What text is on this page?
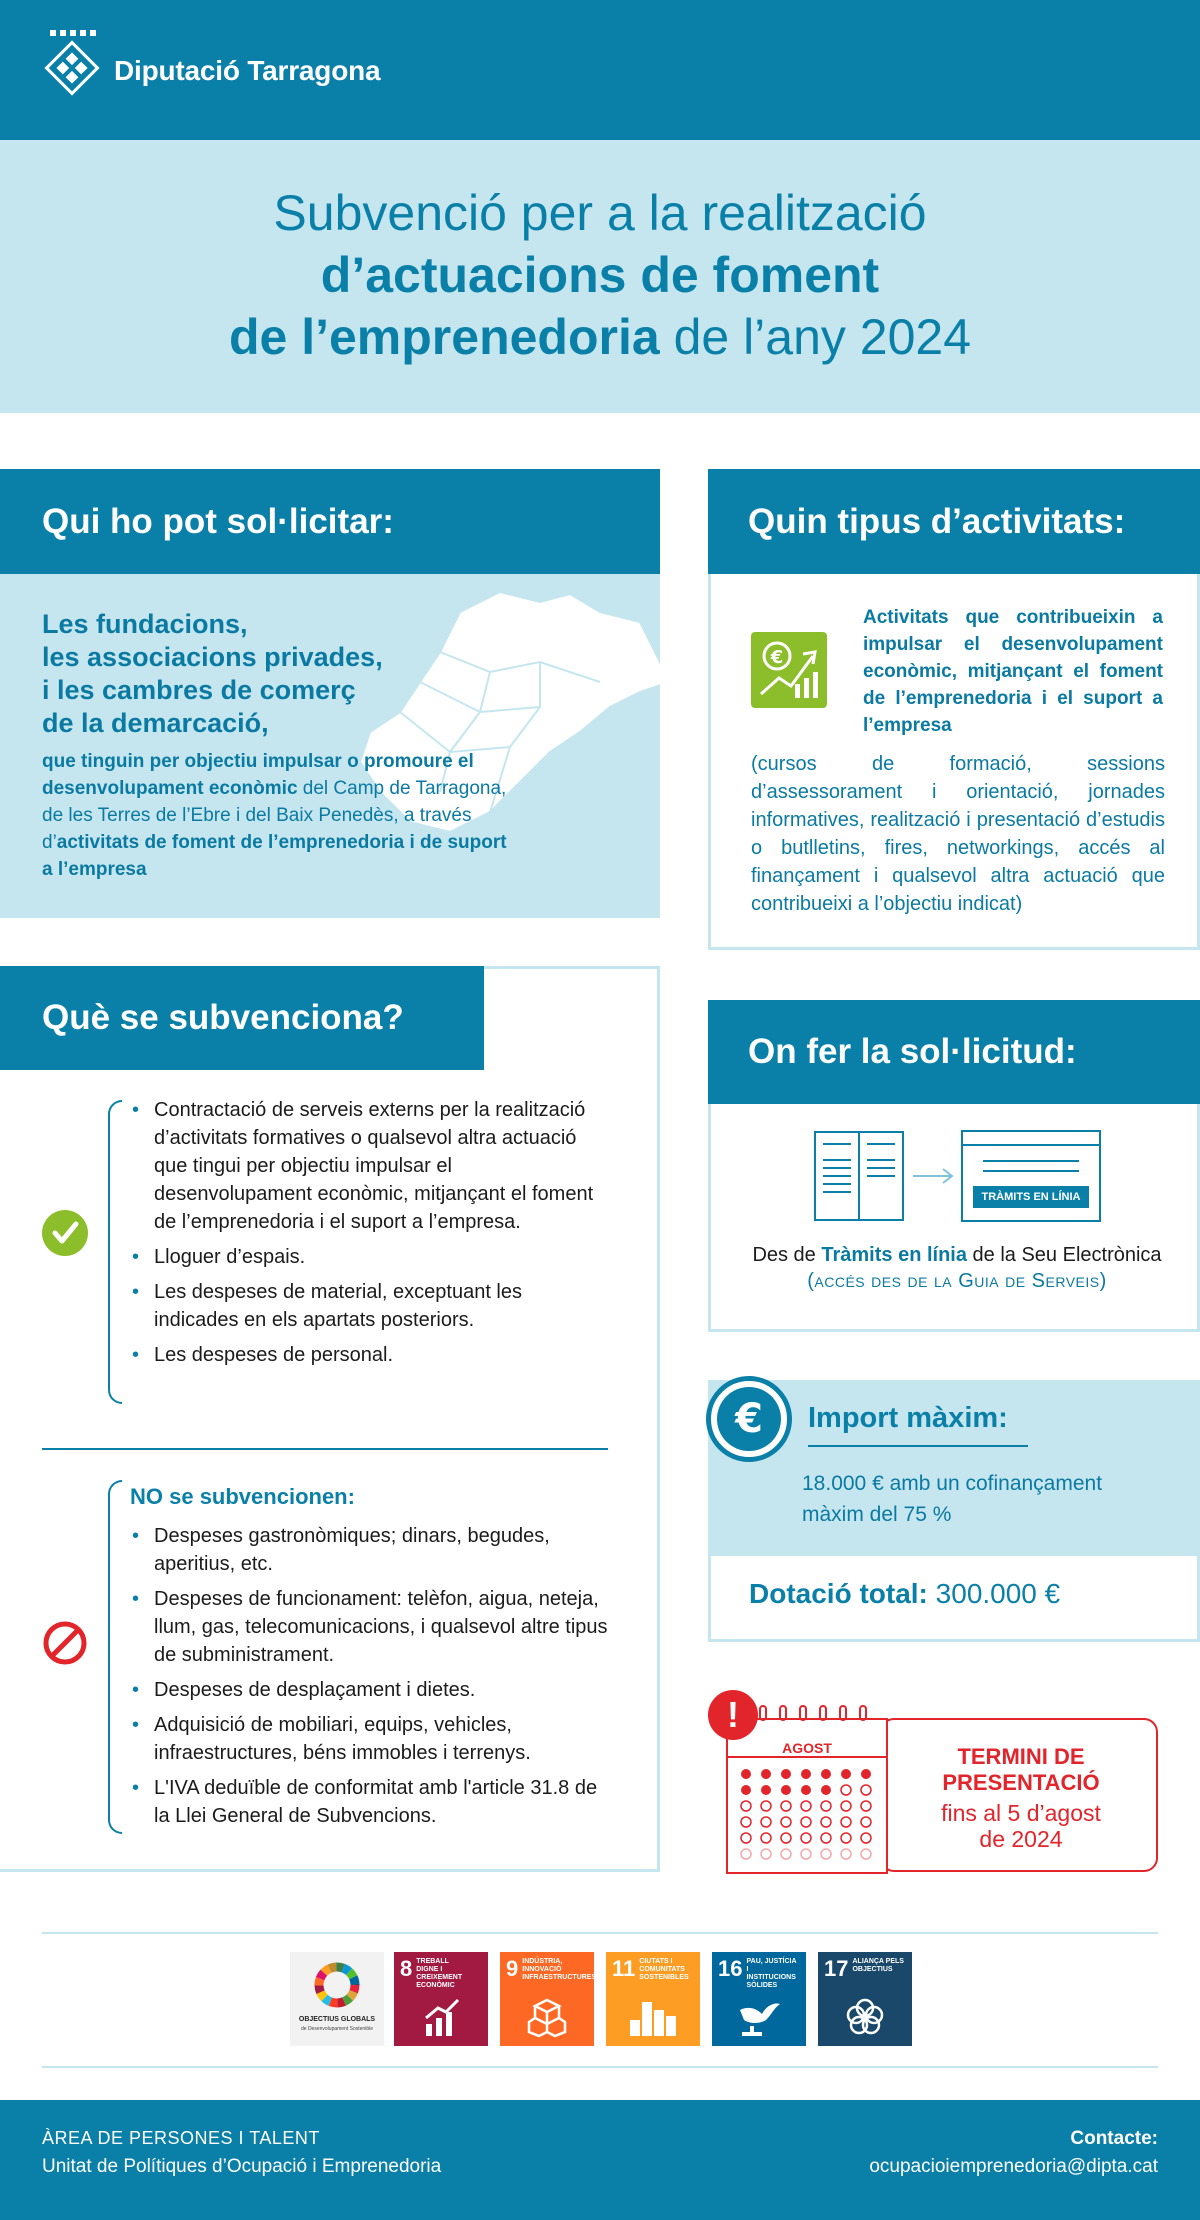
Diputació Tarragona
Subvenció per a la realització
d’actuacions de foment
de l’emprenedoria de l’any 2024
Qui ho pot sol·licitar:
Les fundacions,
les associacions privades,
i les cambres de comerç
de la demarcació,
que tinguin per objectiu impulsar o promoure el desenvolupament econòmic del Camp de Tarragona, de les Terres de l’Ebre i del Baix Penedès, a través d’activitats de foment de l’emprenedoria i de suport a l’empresa
Quin tipus d’activitats:
€
Activitats que contribueixin a impulsar el desenvolupament econòmic, mitjançant el foment de l’emprenedoria i el suport a l’empresa
(cursos de formació, sessions d’assessorament i orientació, jornades informatives, realització i presentació d’estudis o butlletins, fires, networkings, accés al finançament i qualsevol altra actuació que contribueixi a l’objectiu indicat)
Què se subvenciona?
• Contractació de serveis externs per la realització d’activitats formatives o qualsevol altra actuació que tingui per objectiu impulsar el desenvolupament econòmic, mitjançant el foment de l’emprenedoria i el suport a l’empresa.
• Lloguer d’espais.
• Les despeses de material, exceptuant les indicades en els apartats posteriors.
• Les despeses de personal.
NO se subvencionen:
• Despeses gastronòmiques; dinars, begudes, aperitius, etc.
• Despeses de funcionament: telèfon, aigua, neteja, llum, gas, telecomunicacions, i qualsevol altre tipus de subministrament.
• Despeses de desplaçament i dietes.
• Adquisició de mobiliari, equips, vehicles, infraestructures, béns immobles i terrenys.
• L'IVA deduïble de conformitat amb l'article 31.8 de la Llei General de Subvencions.
On fer la sol·licitud:
TRÀMITS EN LÍNIA
Des de Tràmits en línia de la Seu Electrònica
(accés des de la Guia de Serveis)
€	Import màxim:
18.000 € amb un cofinançament
màxim del 75 %
Dotació total: 300.000 €
TERMINI DE
PRESENTACIÓ
fins al 5 d’agost
de 2024
AGOST
!
OBJECTIUS GLOBALS
de Desenvolupament Sostenible
8 TREBALL DIGNE I CREIXEMENT ECONÒMIC
9 INDÚSTRIA, INNOVACIÓ INFRAESTRUCTURES 11 CIUTATS I COMUNITATS SOSTENIBLES	16 PAU, JUSTÍCIA I INSTITUCIONS SÒLIDES
17 ALIANÇA PELS OBJECTIUS
ÀREA DE PERSONES I TALENT
Unitat de Polítiques d’Ocupació i Emprenedoria
Contacte:
ocupacioiemprenedoria@dipta.cat
